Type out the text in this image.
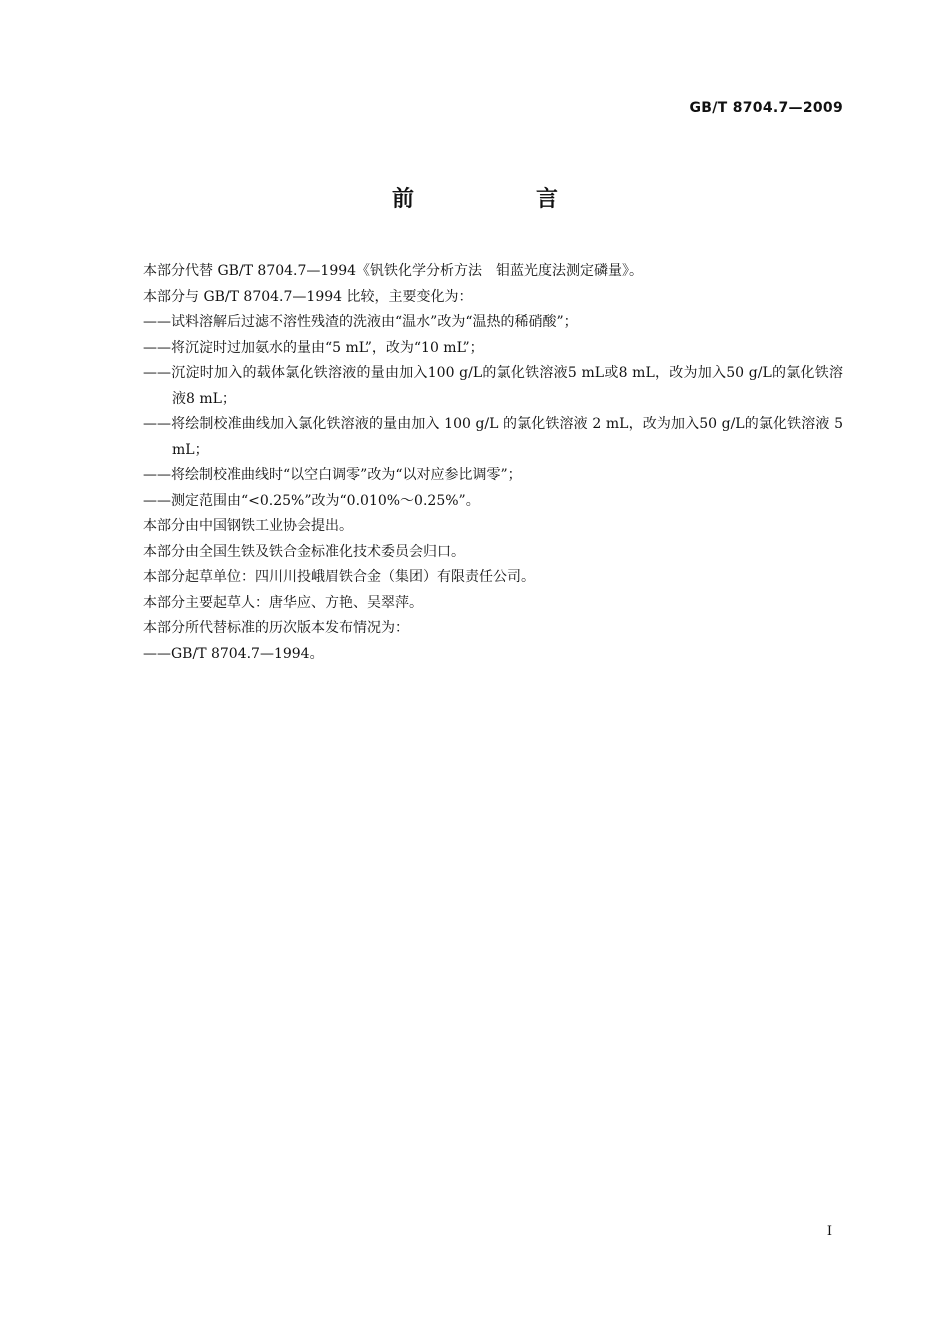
GB/T 8704.7—2009
前　言

本部分代替 GB/T 8704.7—1994《钒铁化学分析方法　钼蓝光度法测定磷量》。

本部分与 GB/T 8704.7—1994 比较，主要变化为：

——试料溶解后过滤不溶性残渣的洗液由“温水”改为“温热的稀硝酸”；

——将沉淀时过加氨水的量由“5 mL”，改为“10 mL”；

——沉淀时加入的载体氯化铁溶液的量由加入100 g/L的氯化铁溶液5 mL或8 mL，改为加入50 g/L的氯化铁溶液8 mL；

——将绘制校准曲线加入氯化铁溶液的量由加入 100 g/L 的氯化铁溶液 2 mL，改为加入50 g/L的氯化铁溶液 5 mL；

——将绘制校准曲线时“以空白调零”改为“以对应参比调零”；

——测定范围由“<0.25%”改为“0.010%～0.25%”。

本部分由中国钢铁工业协会提出。

本部分由全国生铁及铁合金标准化技术委员会归口。

本部分起草单位：四川川投峨眉铁合金（集团）有限责任公司。

本部分主要起草人：唐华应、方艳、吴翠萍。

本部分所代替标准的历次版本发布情况为：

——GB/T 8704.7—1994。

I
